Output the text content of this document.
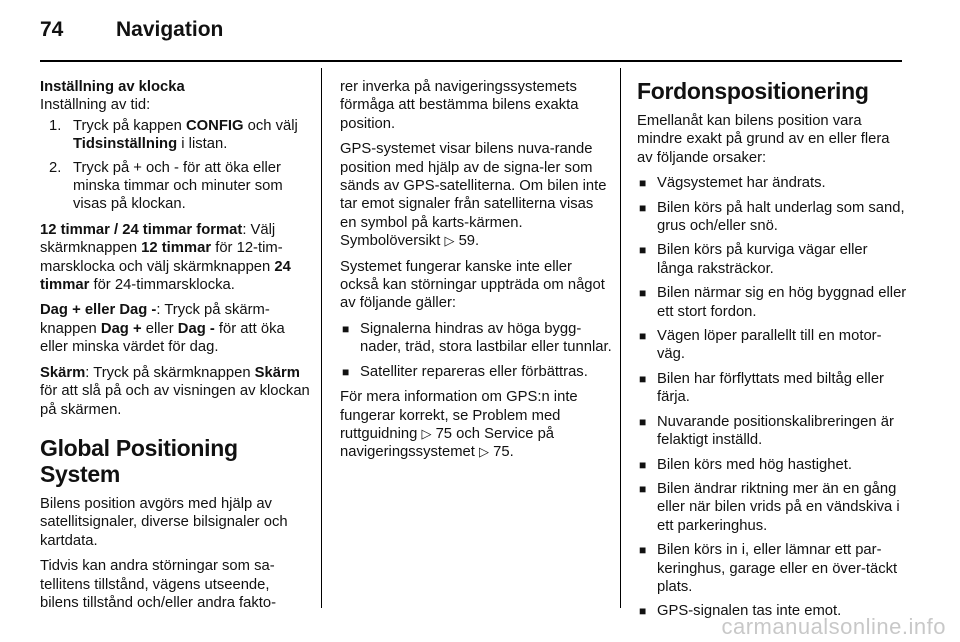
74	Navigation

Inställning av klocka

Inställning av tid:

1. Tryck på kappen CONFIG och välj Tidsinställning i listan.
2. Tryck på + och - för att öka eller minska timmar och minuter som visas på klockan.

12 timmar / 24 timmar format: Välj skärmknappen 12 timmar för 12-tim-marsklocka och välj skärmknappen 24 timmar för 24-timmarsklocka.

Dag + eller Dag -: Tryck på skärm-knappen Dag + eller Dag - för att öka eller minska värdet för dag.

Skärm: Tryck på skärmknappen Skärm för att slå på och av visningen av klockan på skärmen.

Global Positioning System

Bilens position avgörs med hjälp av satellitsignaler, diverse bilsignaler och kartdata.

Tidvis kan andra störningar som sa-tellitens tillstånd, vägens utseende, bilens tillstånd och/eller andra fakto-

rer inverka på navigeringssystemets förmåga att bestämma bilens exakta position.

GPS-systemet visar bilens nuva-rande position med hjälp av de signa-ler som sänds av GPS-satelliterna. Om bilen inte tar emot signaler från satelliterna visas en symbol på karts-kärmen. Symbolöversikt ▷ 59.

Systemet fungerar kanske inte eller också kan störningar uppträda om något av följande gäller:

■ Signalerna hindras av höga bygg-nader, träd, stora lastbilar eller tunnlar.
■ Satelliter repareras eller förbättras.

För mera information om GPS:n inte fungerar korrekt, se Problem med ruttguidning ▷ 75 och Service på navigeringssystemet ▷ 75.

Fordonspositionering

Emellanåt kan bilens position vara mindre exakt på grund av en eller flera av följande orsaker:

■ Vägsystemet har ändrats.
■ Bilen körs på halt underlag som sand, grus och/eller snö.
■ Bilen körs på kurviga vägar eller långa raksträckor.
■ Bilen närmar sig en hög byggnad eller ett stort fordon.
■ Vägen löper parallellt till en motor-väg.
■ Bilen har förflyttats med biltåg eller färja.
■ Nuvarande positionskalibreringen är felaktigt inställd.
■ Bilen körs med hög hastighet.
■ Bilen ändrar riktning mer än en gång eller när bilen vrids på en vändskiva i ett parkeringhus.
■ Bilen körs in i, eller lämnar ett par-keringhus, garage eller en över-täckt plats.
■ GPS-signalen tas inte emot.
carmanualsonline.info
